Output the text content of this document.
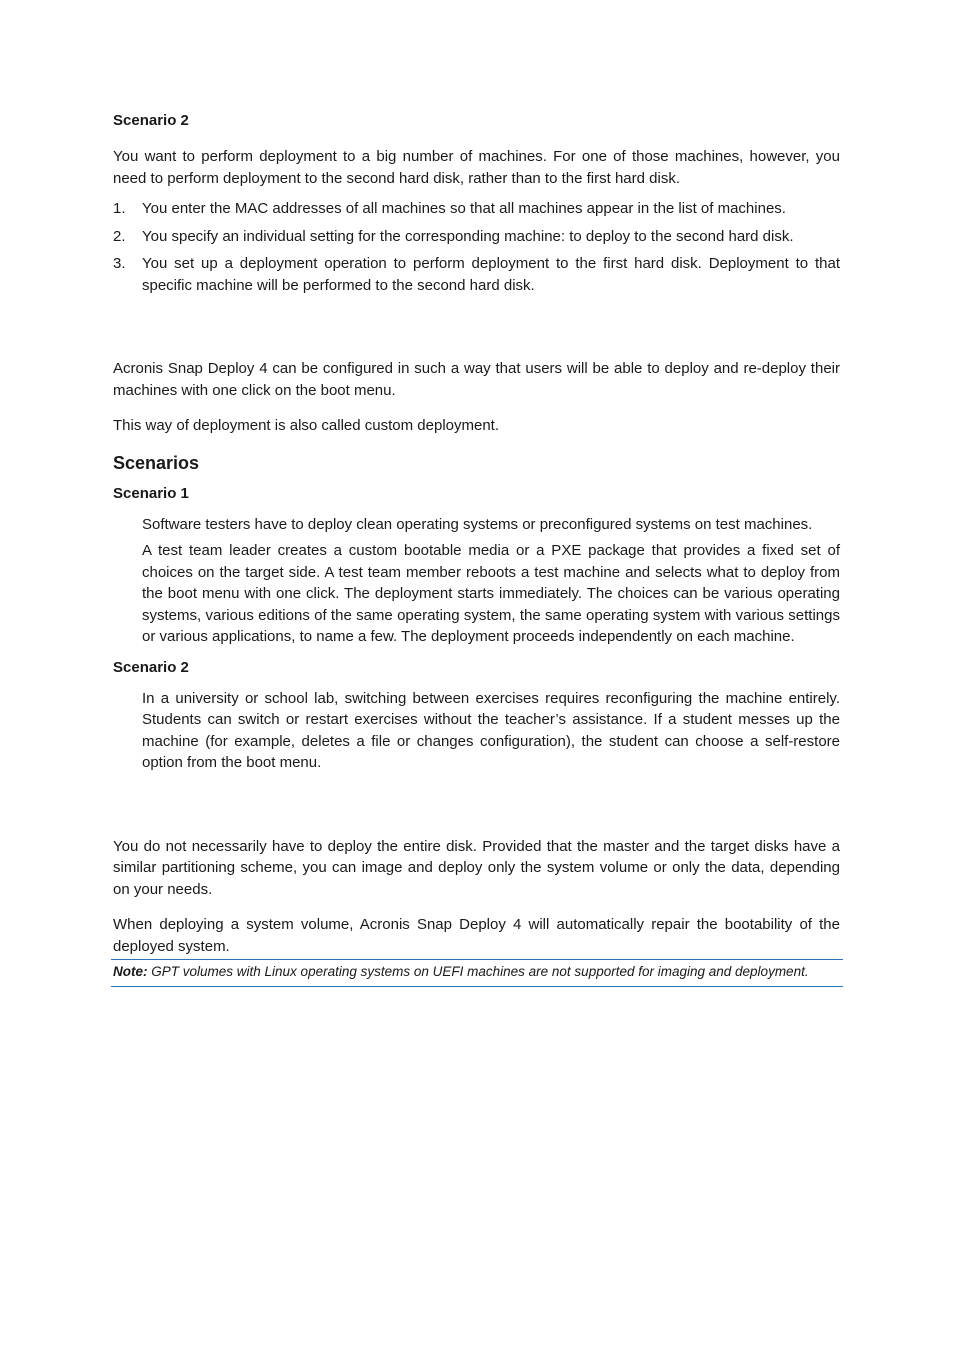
Scenario 2

You want to perform deployment to a big number of machines. For one of those machines, however, you need to perform deployment to the second hard disk, rather than to the first hard disk.

1. You enter the MAC addresses of all machines so that all machines appear in the list of machines.
2. You specify an individual setting for the corresponding machine: to deploy to the second hard disk.
3. You set up a deployment operation to perform deployment to the first hard disk. Deployment to that specific machine will be performed to the second hard disk.

Acronis Snap Deploy 4 can be configured in such a way that users will be able to deploy and re-deploy their machines with one click on the boot menu.

This way of deployment is also called custom deployment.

Scenarios

Scenario 1

Software testers have to deploy clean operating systems or preconfigured systems on test machines.

A test team leader creates a custom bootable media or a PXE package that provides a fixed set of choices on the target side. A test team member reboots a test machine and selects what to deploy from the boot menu with one click. The deployment starts immediately. The choices can be various operating systems, various editions of the same operating system, the same operating system with various settings or various applications, to name a few. The deployment proceeds independently on each machine.

Scenario 2

In a university or school lab, switching between exercises requires reconfiguring the machine entirely. Students can switch or restart exercises without the teacher’s assistance. If a student messes up the machine (for example, deletes a file or changes configuration), the student can choose a self-restore option from the boot menu.

You do not necessarily have to deploy the entire disk. Provided that the master and the target disks have a similar partitioning scheme, you can image and deploy only the system volume or only the data, depending on your needs.

When deploying a system volume, Acronis Snap Deploy 4 will automatically repair the bootability of the deployed system.

Note: GPT volumes with Linux operating systems on UEFI machines are not supported for imaging and deployment.
